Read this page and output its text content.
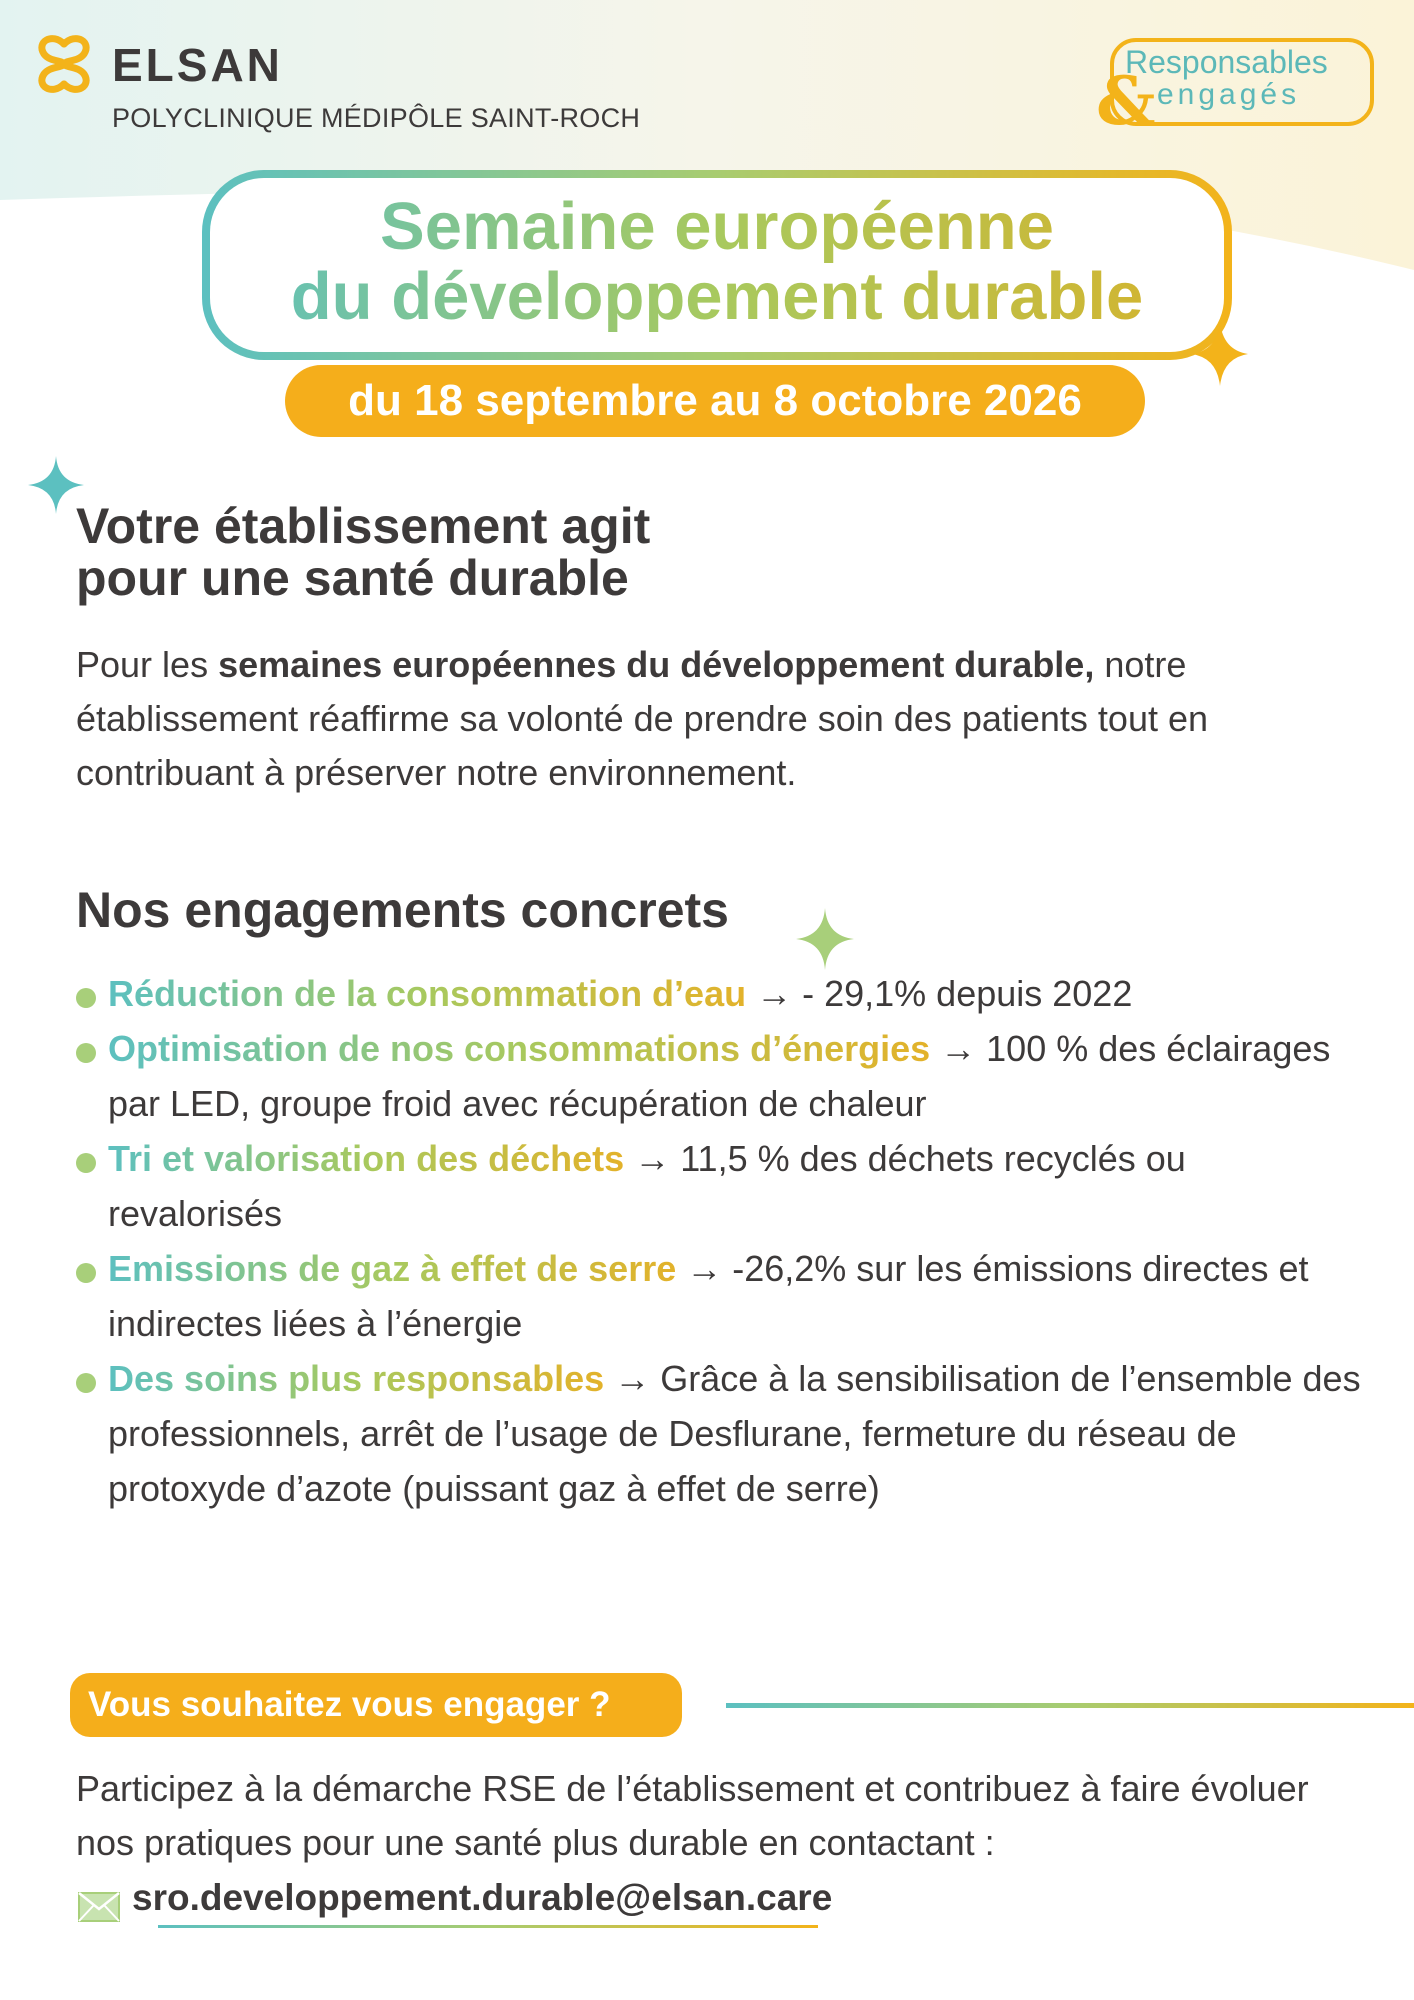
ELSAN
POLYCLINIQUE MÉDIPÔLE SAINT-ROCH
Responsables
& engagés
Semaine européenne
du développement durable
du 18 septembre au 8 octobre 2026
Votre établissement agit
pour une santé durable
Pour les semaines européennes du développement durable, notre établissement réaffirme sa volonté de prendre soin des patients tout en contribuant à préserver notre environnement.
Nos engagements concrets
Réduction de la consommation d’eau → - 29,1% depuis 2022
Optimisation de nos consommations d’énergies → 100 % des éclairages par LED, groupe froid avec récupération de chaleur
Tri et valorisation des déchets → 11,5 % des déchets recyclés ou revalorisés
Emissions de gaz à effet de serre → -26,2% sur les émissions directes et indirectes liées à l’énergie
Des soins plus responsables → Grâce à la sensibilisation de l’ensemble des professionnels, arrêt de l’usage de Desflurane, fermeture du réseau de protoxyde d’azote (puissant gaz à effet de serre)
Vous souhaitez vous engager ?
Participez à la démarche RSE de l’établissement et contribuez à faire évoluer nos pratiques pour une santé plus durable en contactant :
sro.developpement.durable@elsan.care
